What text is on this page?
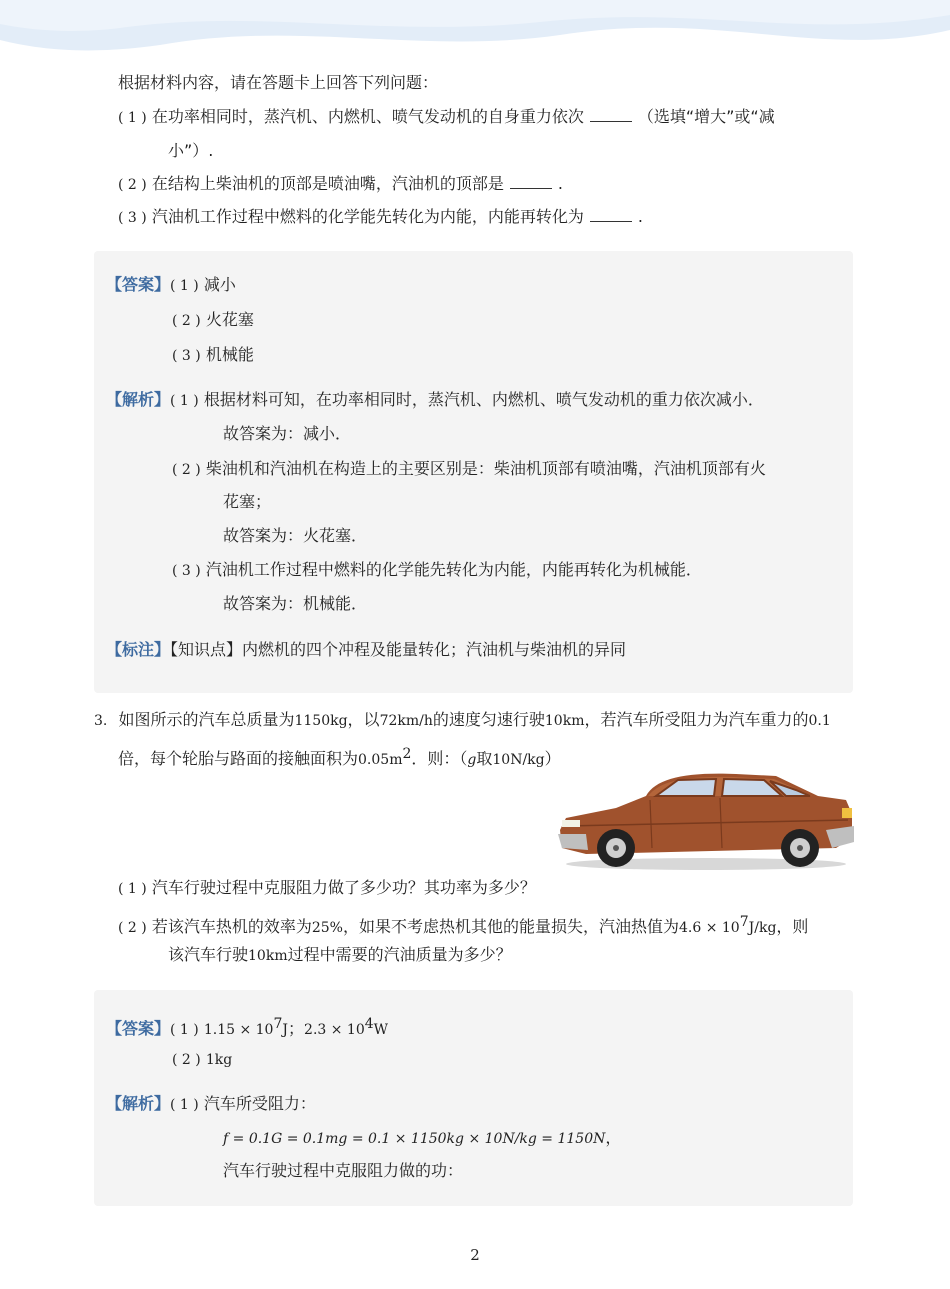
根据材料内容，请在答题卡上回答下列问题：
( 1 ) 在功率相同时，蒸汽机、内燃机、喷气发动机的自身重力依次	（选填“增大”或“减
小”）.
( 2 ) 在结构上柴油机的顶部是喷油嘴，汽油机的顶部是	.
( 3 ) 汽油机工作过程中燃料的化学能先转化为内能，内能再转化为	.
【答案】( 1 ) 减小
( 2 ) 火花塞
( 3 ) 机械能
【解析】( 1 ) 根据材料可知，在功率相同时，蒸汽机、内燃机、喷气发动机的重力依次减小．
故答案为：减小．
( 2 ) 柴油机和汽油机在构造上的主要区别是：柴油机顶部有喷油嘴，汽油机顶部有火
花塞；
故答案为：火花塞．
( 3 ) 汽油机工作过程中燃料的化学能先转化为内能，内能再转化为机械能．
故答案为：机械能．
【标注】【知识点】内燃机的四个冲程及能量转化；汽油机与柴油机的异同
3. 如图所示的汽车总质量为1150kg，以72km/h的速度匀速行驶10km，若汽车所受阻力为汽车重力的0.1
倍，每个轮胎与路面的接触面积为$0.05m^2$．则：（g取10N/kg）
( 1 ) 汽车行驶过程中克服阻力做了多少功？其功率为多少？
( 2 ) 若该汽车热机的效率为25%，如果不考虑热机其他的能量损失，汽油热值为$4.6 \times 10^7J/kg$，则
该汽车行驶10km过程中需要的汽油质量为多少？
【答案】( 1 ) $1.15 \times 10^7J$；$2.3 \times 10^4W$
( 2 ) 1kg
【解析】( 1 ) 汽车所受阻力：
f = 0.1G = 0.1mg = 0.1 × 1150kg × 10N/kg = 1150N，
汽车行驶过程中克服阻力做的功：
2
